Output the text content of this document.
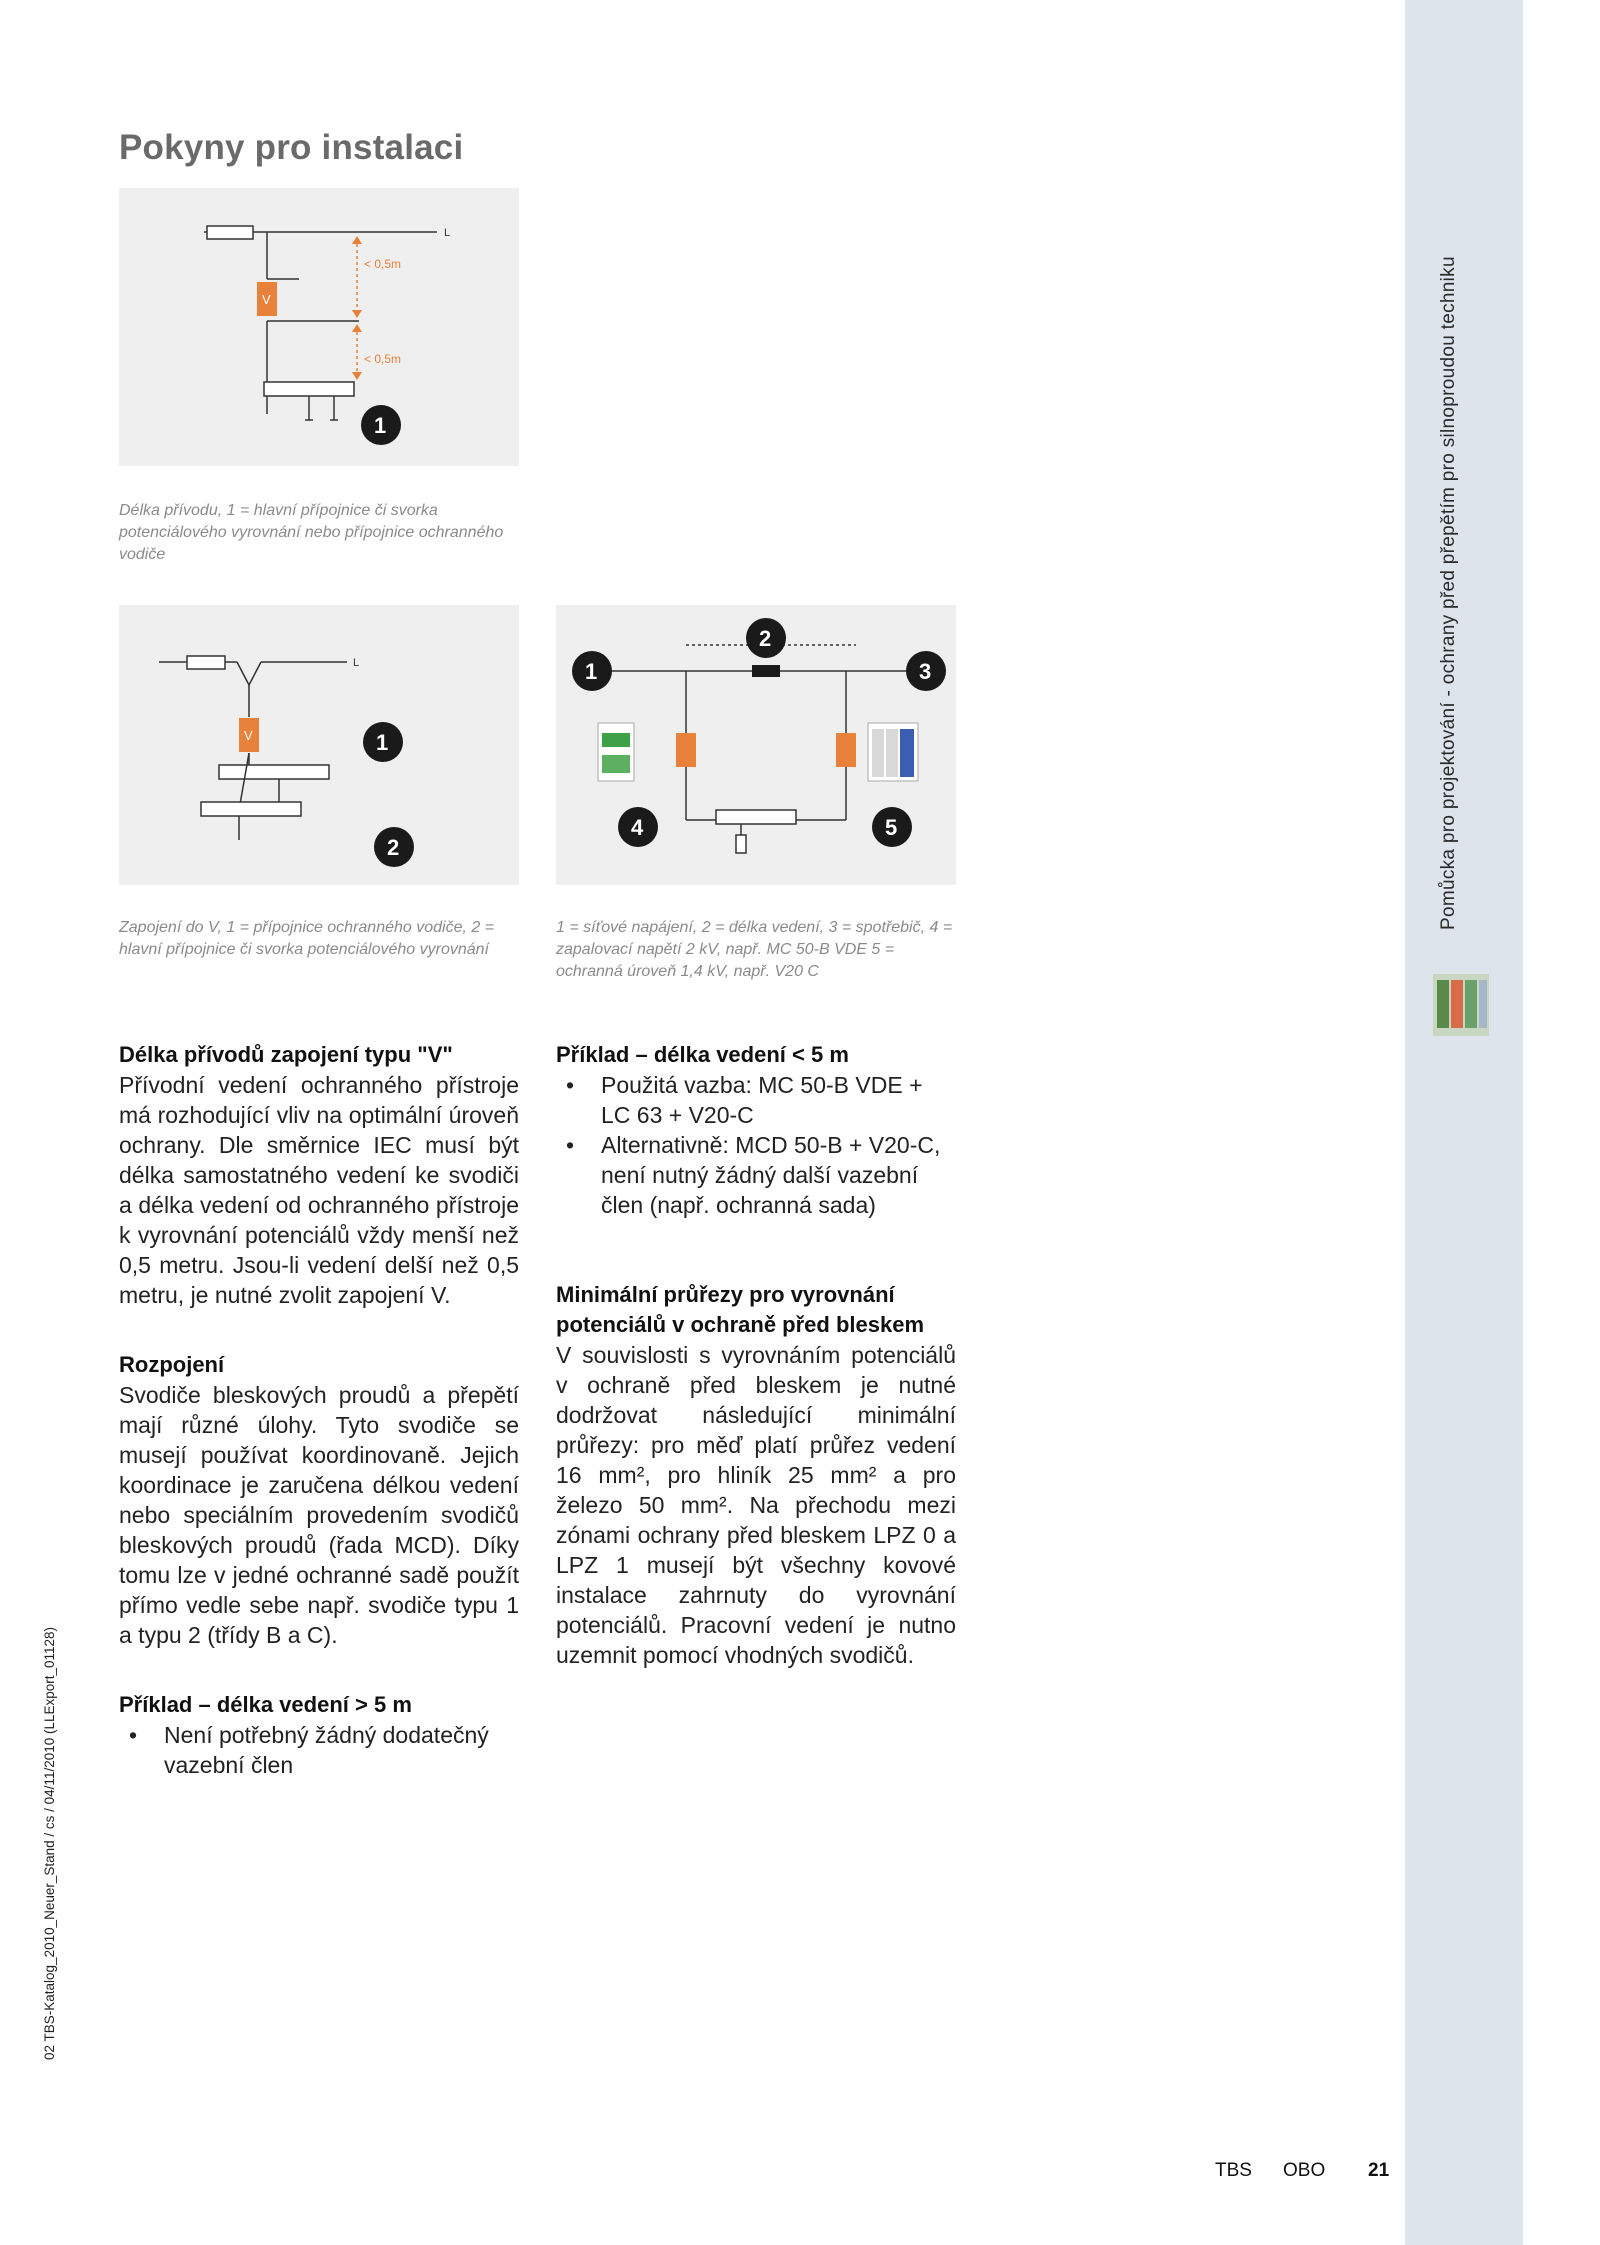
Pomůcka pro projektování - ochrany před přepětím pro silnoproudou techniku
02 TBS-Katalog_2010_Neuer_Stand / cs / 04/11/2010 (LLExport_01128)
Pokyny pro instalaci
V
< 0,5m
< 0,5m
L
1
Délka přívodu, 1 = hlavní přípojnice či svorka potenciálového vyrovnání nebo přípojnice ochranného vodiče
V
L
1
2
Zapojení do V, 1 = přípojnice ochranného vodiče, 2 = hlavní přípojnice či svorka potenciálového vyrovnání
1
2
3
4	5
1 = síťové napájení, 2 = délka vedení, 3 = spotřebič, 4 = zapalovací napětí 2 kV, např. MC 50-B VDE 5 = ochranná úroveň 1,4 kV, např. V20 C
Délka přívodů zapojení typu "V"

Přívodní vedení ochranného přístroje má rozhodující vliv na optimální úroveň ochrany. Dle směrnice IEC musí být délka samostatného vedení ke svodiči a délka vedení od ochranného přístroje k vyrovnání potenciálů vždy menší než 0,5 metru. Jsou-li vedení delší než 0,5 metru, je nutné zvolit zapojení V.

Rozpojení

Svodiče bleskových proudů a přepětí mají různé úlohy. Tyto svodiče se musejí používat koordinovaně. Jejich koordinace je zaručena délkou vedení nebo speciálním provedením svodičů bleskových proudů (řada MCD). Díky tomu lze v jedné ochranné sadě použít přímo vedle sebe např. svodiče typu 1 a typu 2 (třídy B a C).

Příklad – délka vedení > 5 m
• Není potřebný žádný dodatečný vazební člen
Příklad – délka vedení < 5 m
• Použitá vazba: MC 50-B VDE + LC 63 + V20-C
• Alternativně: MCD 50-B + V20-C, není nutný žádný další vazební člen (např. ochranná sada)
Minimální průřezy pro vyrovnání potenciálů v ochraně před bleskem

V souvislosti s vyrovnáním potenciálů v ochraně před bleskem je nutné dodržovat následující minimální průřezy: pro měď platí průřez vedení 16 mm², pro hliník 25 mm² a pro železo 50 mm². Na přechodu mezi zónami ochrany před bleskem LPZ 0 a LPZ 1 musejí být všechny kovové instalace zahrnuty do vyrovnání potenciálů. Pracovní vedení je nutno uzemnit pomocí vhodných svodičů.

TBS OBO 21
